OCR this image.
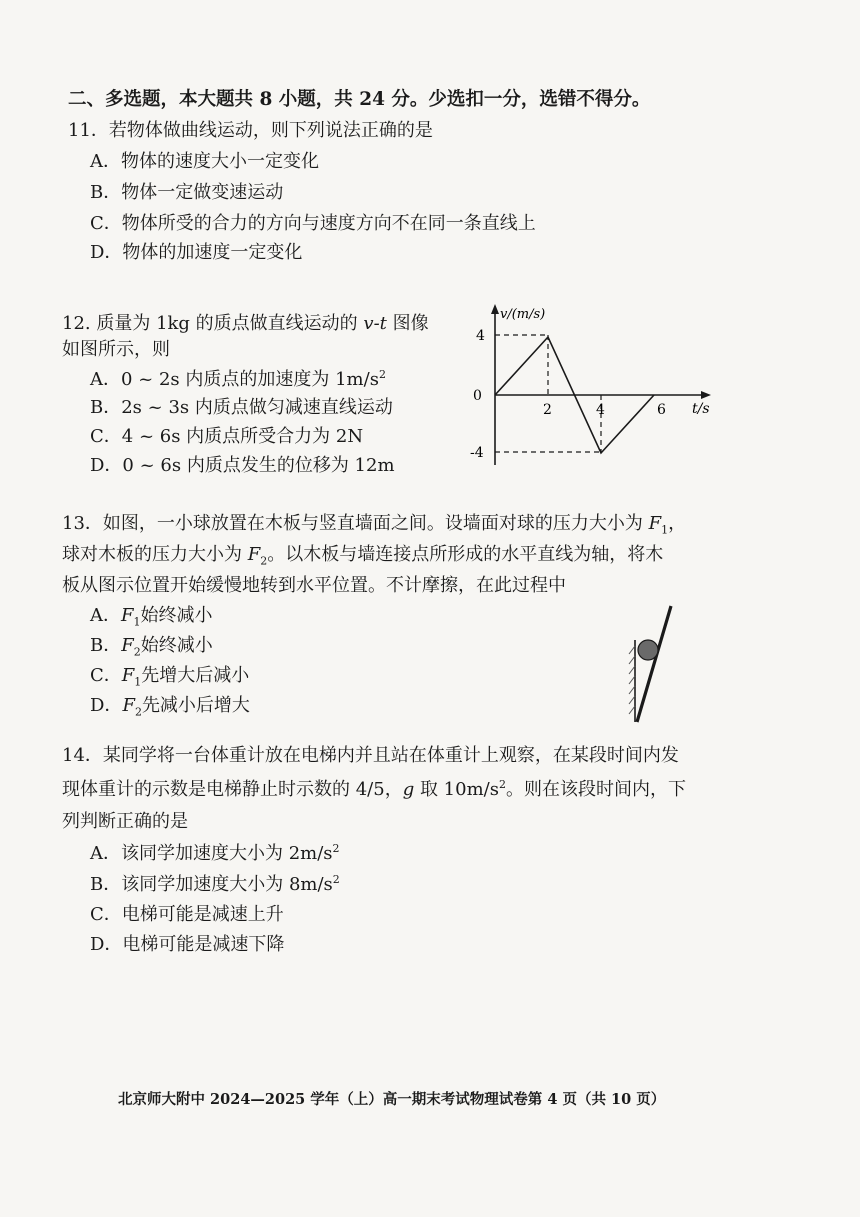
二、多选题，本大题共 8 小题，共 24 分。少选扣一分，选错不得分。
11．若物体做曲线运动，则下列说法正确的是
A．物体的速度大小一定变化
B．物体一定做变速运动
C．物体所受的合力的方向与速度方向不在同一条直线上
D．物体的加速度一定变化
12. 质量为 1kg 的质点做直线运动的 v-t 图像
如图所示，则
A．0 ~ 2s 内质点的加速度为 $1m/s^2$
B．2s ~ 3s 内质点做匀减速直线运动
C．4 ~ 6s 内质点所受合力为 2N
D．0 ~ 6s 内质点发生的位移为 12m
v/(m/s)
t/s
0
4
-4
2	4	6
13．如图，一小球放置在木板与竖直墙面之间。设墙面对球的压力大小为 $F_1$，
球对木板的压力大小为 $F_2$。以木板与墙连接点所形成的水平直线为轴，将木
板从图示位置开始缓慢地转到水平位置。不计摩擦，在此过程中
A．$F_1$始终减小
B．$F_2$始终减小
C．$F_1$先增大后减小
D．$F_2$先减小后增大
14．某同学将一台体重计放在电梯内并且站在体重计上观察，在某段时间内发
现体重计的示数是电梯静止时示数的 4/5，g 取 $10m/s^2$。则在该段时间内，下
列判断正确的是
A．该同学加速度大小为 $2m/s^2$
B．该同学加速度大小为 $8m/s^2$
C．电梯可能是减速上升
D．电梯可能是减速下降
北京师大附中 2024—2025 学年（上）高一期末考试物理试卷第 4 页（共 10 页）
